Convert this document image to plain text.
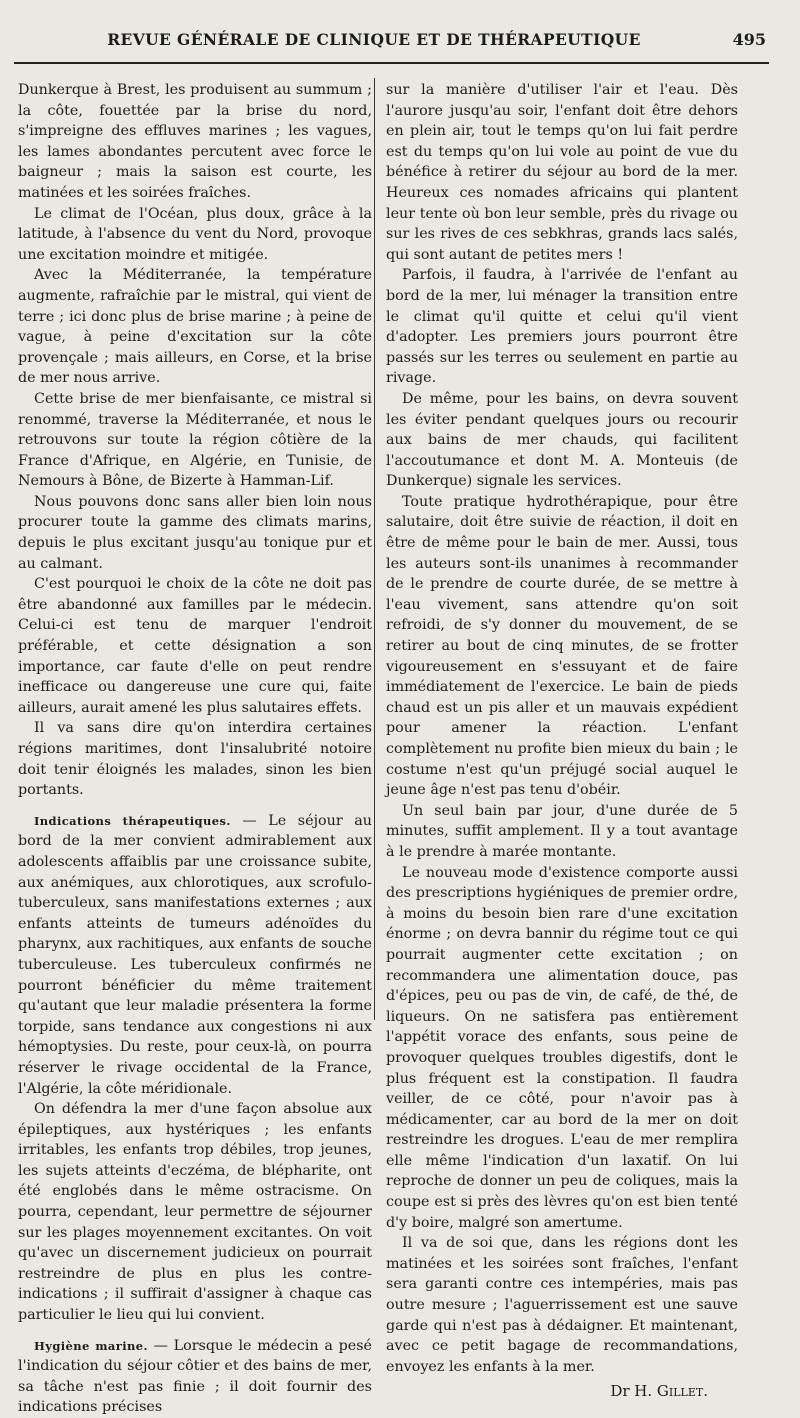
REVUE GÉNÉRALE DE CLINIQUE ET DE THÉRAPEUTIQUE	495

Dunkerque à Brest, les produisent au summum ; la côte, fouettée par la brise du nord, s'impreigne des effluves marines ; les vagues, les lames abondantes percutent avec force le baigneur ; mais la saison est courte, les matinées et les soirées fraîches.

Le climat de l'Océan, plus doux, grâce à la latitude, à l'absence du vent du Nord, provoque une excitation moindre et mitigée.

Avec la Méditerranée, la température augmente, rafraîchie par le mistral, qui vient de terre ; ici donc plus de brise marine ; à peine de vague, à peine d'excitation sur la côte provençale ; mais ailleurs, en Corse, et la brise de mer nous arrive.

Cette brise de mer bienfaisante, ce mistral si renommé, traverse la Méditerranée, et nous le retrouvons sur toute la région côtière de la France d'Afrique, en Algérie, en Tunisie, de Nemours à Bône, de Bizerte à Hamman-Lif.

Nous pouvons donc sans aller bien loin nous procurer toute la gamme des climats marins, depuis le plus excitant jusqu'au tonique pur et au calmant.

C'est pourquoi le choix de la côte ne doit pas être abandonné aux familles par le médecin. Celui-ci est tenu de marquer l'endroit préférable, et cette désignation a son importance, car faute d'elle on peut rendre inefficace ou dangereuse une cure qui, faite ailleurs, aurait amené les plus salutaires effets.

Il va sans dire qu'on interdira certaines régions maritimes, dont l'insalubrité notoire doit tenir éloignés les malades, sinon les bien portants.

Indications thérapeutiques. — Le séjour au bord de la mer convient admirablement aux adolescents affaiblis par une croissance subite, aux anémiques, aux chlorotiques, aux scrofulo-tuberculeux, sans manifestations externes ; aux enfants atteints de tumeurs adénoïdes du pharynx, aux rachitiques, aux enfants de souche tuberculeuse. Les tuberculeux confirmés ne pourront bénéficier du même traitement qu'autant que leur maladie présentera la forme torpide, sans tendance aux congestions ni aux hémoptysies. Du reste, pour ceux-là, on pourra réserver le rivage occidental de la France, l'Algérie, la côte méridionale.

On défendra la mer d'une façon absolue aux épileptiques, aux hystériques ; les enfants irritables, les enfants trop débiles, trop jeunes, les sujets atteints d'eczéma, de blépharite, ont été englobés dans le même ostracisme. On pourra, cependant, leur permettre de séjourner sur les plages moyennement excitantes. On voit qu'avec un discernement judicieux on pourrait restreindre de plus en plus les contre-indications ; il suffirait d'assigner à chaque cas particulier le lieu qui lui convient.

Hygiène marine. — Lorsque le médecin a pesé l'indication du séjour côtier et des bains de mer, sa tâche n'est pas finie ; il doit fournir des indications précises

sur la manière d'utiliser l'air et l'eau. Dès l'aurore jusqu'au soir, l'enfant doit être dehors en plein air, tout le temps qu'on lui fait perdre est du temps qu'on lui vole au point de vue du bénéfice à retirer du séjour au bord de la mer. Heureux ces nomades africains qui plantent leur tente où bon leur semble, près du rivage ou sur les rives de ces sebkhras, grands lacs salés, qui sont autant de petites mers !

Parfois, il faudra, à l'arrivée de l'enfant au bord de la mer, lui ménager la transition entre le climat qu'il quitte et celui qu'il vient d'adopter. Les premiers jours pourront être passés sur les terres ou seulement en partie au rivage.

De même, pour les bains, on devra souvent les éviter pendant quelques jours ou recourir aux bains de mer chauds, qui facilitent l'accoutumance et dont M. A. Monteuis (de Dunkerque) signale les services.

Toute pratique hydrothérapique, pour être salutaire, doit être suivie de réaction, il doit en être de même pour le bain de mer. Aussi, tous les auteurs sont-ils unanimes à recommander de le prendre de courte durée, de se mettre à l'eau vivement, sans attendre qu'on soit refroidi, de s'y donner du mouvement, de se retirer au bout de cinq minutes, de se frotter vigoureusement en s'essuyant et de faire immédiatement de l'exercice. Le bain de pieds chaud est un pis aller et un mauvais expédient pour amener la réaction. L'enfant complètement nu profite bien mieux du bain ; le costume n'est qu'un préjugé social auquel le jeune âge n'est pas tenu d'obéir.

Un seul bain par jour, d'une durée de 5 minutes, suffit amplement. Il y a tout avantage à le prendre à marée montante.

Le nouveau mode d'existence comporte aussi des prescriptions hygiéniques de premier ordre, à moins du besoin bien rare d'une excitation énorme ; on devra bannir du régime tout ce qui pourrait augmenter cette excitation ; on recommandera une alimentation douce, pas d'épices, peu ou pas de vin, de café, de thé, de liqueurs. On ne satisfera pas entièrement l'appétit vorace des enfants, sous peine de provoquer quelques troubles digestifs, dont le plus fréquent est la constipation. Il faudra veiller, de ce côté, pour n'avoir pas à médicamenter, car au bord de la mer on doit restreindre les drogues. L'eau de mer remplira elle même l'indication d'un laxatif. On lui reproche de donner un peu de coliques, mais la coupe est si près des lèvres qu'on est bien tenté d'y boire, malgré son amertume.

Il va de soi que, dans les régions dont les matinées et les soirées sont fraîches, l'enfant sera garanti contre ces intempéries, mais pas outre mesure ; l'aguerrissement est une sauve garde qui n'est pas à dédaigner. Et maintenant, avec ce petit bagage de recommandations, envoyez les enfants à la mer.

Dr H. Gillet.
